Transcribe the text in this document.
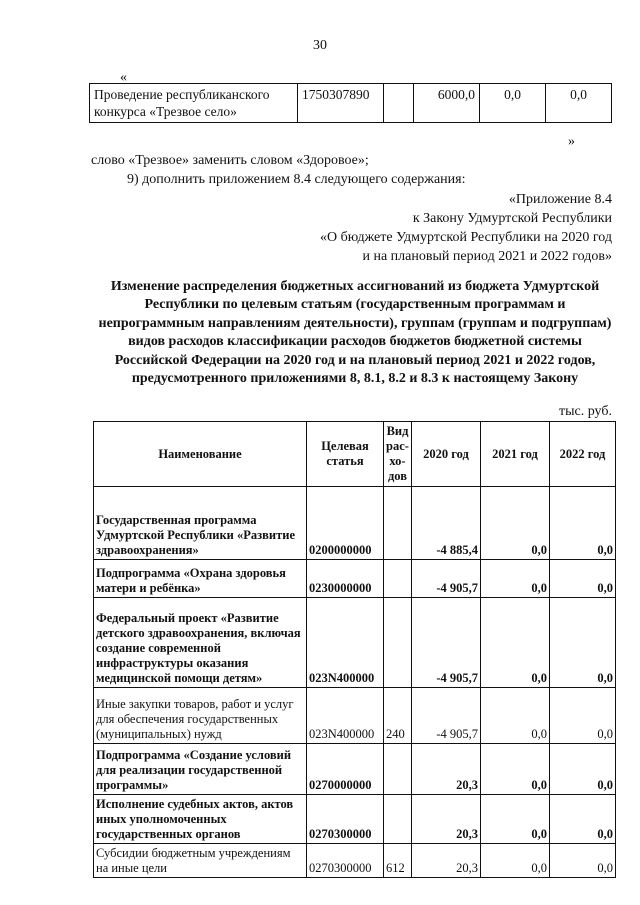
30
«
Проведение республиканского конкурса «Трезвое село»	1750307890		6000,0	0,0	0,0
»
слово «Трезвое» заменить словом «Здоровое»;
9) дополнить приложением 8.4 следующего содержания:
«Приложение 8.4
к Закону Удмуртской Республики
«О бюджете Удмуртской Республики на 2020 год
и на плановый период 2021 и 2022 годов»
Изменение распределения бюджетных ассигнований из бюджета Удмуртской Республики по целевым статьям (государственным программам и непрограммным направлениям деятельности), группам (группам и подгруппам) видов расходов классификации расходов бюджетов бюджетной системы Российской Федерации на 2020 год и на плановый период 2021 и 2022 годов, предусмотренного приложениями 8, 8.1, 8.2 и 8.3 к настоящему Закону
тыс. руб.
Наименование	Целевая статья	Вид рас-хо-дов	2020 год	2021 год	2022 год
Государственная программа Удмуртской Республики «Развитие здравоохранения»	0200000000		-4 885,4	0,0	0,0
Подпрограмма «Охрана здоровья матери и ребёнка»	0230000000		-4 905,7	0,0	0,0
Федеральный проект «Развитие детского здравоохранения, включая создание современной инфраструктуры оказания медицинской помощи детям»	023N400000		-4 905,7	0,0	0,0
Иные закупки товаров, работ и услуг для обеспечения государственных (муниципальных) нужд	023N400000	240	-4 905,7	0,0	0,0
Подпрограмма «Создание условий для реализации государственной программы»	0270000000		20,3	0,0	0,0
Исполнение судебных актов, актов иных уполномоченных государственных органов	0270300000		20,3	0,0	0,0
Субсидии бюджетным учреждениям на иные цели	0270300000	612	20,3	0,0	0,0
